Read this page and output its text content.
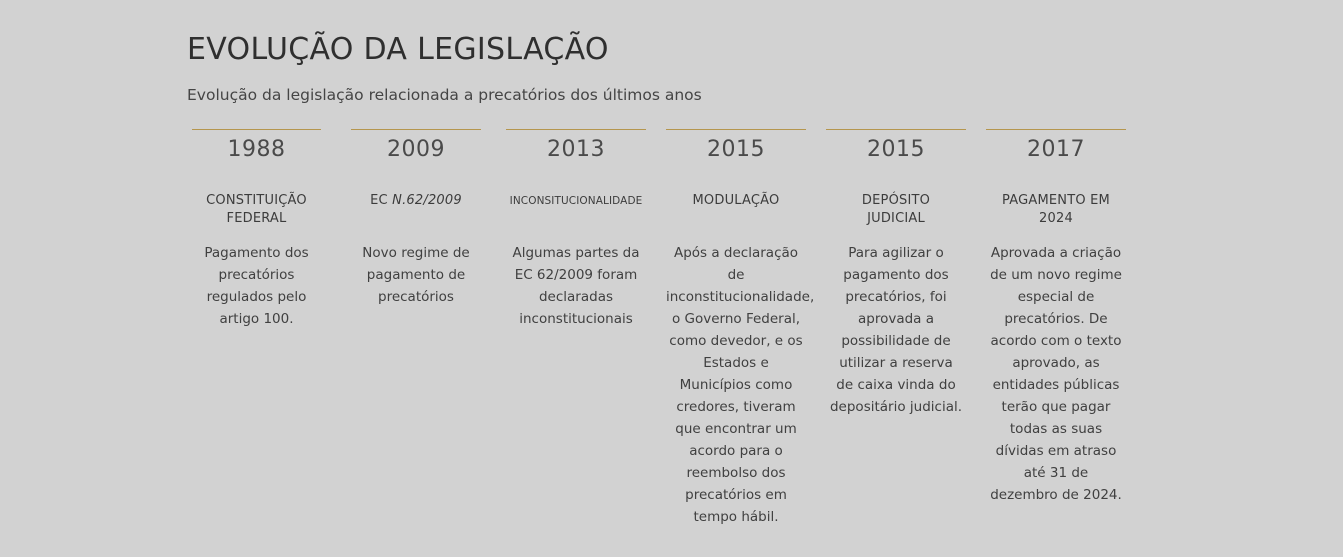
EVOLUÇÃO DA LEGISLAÇÃO

Evolução da legislação relacionada a precatórios dos últimos anos

1988
CONSTITUIÇÃO FEDERAL
Pagamento dos precatórios regulados pelo artigo 100.
2009
EC N.62/2009
Novo regime de pagamento de precatórios
2013
INCONSITUCIONALIDADE
Algumas partes da EC 62/2009 foram declaradas inconstitucionais
2015
MODULAÇÃO
Após a declaração de inconstitucionalidade, o Governo Federal, como devedor, e os Estados e Municípios como credores, tiveram que encontrar um acordo para o reembolso dos precatórios em tempo hábil.
2015
DEPÓSITO JUDICIAL
Para agilizar o pagamento dos precatórios, foi aprovada a possibilidade de utilizar a reserva de caixa vinda do depositário judicial.
2017
PAGAMENTO EM 2024
Aprovada a criação de um novo regime especial de precatórios. De acordo com o texto aprovado, as entidades públicas terão que pagar todas as suas dívidas em atraso até 31 de dezembro de 2024.
